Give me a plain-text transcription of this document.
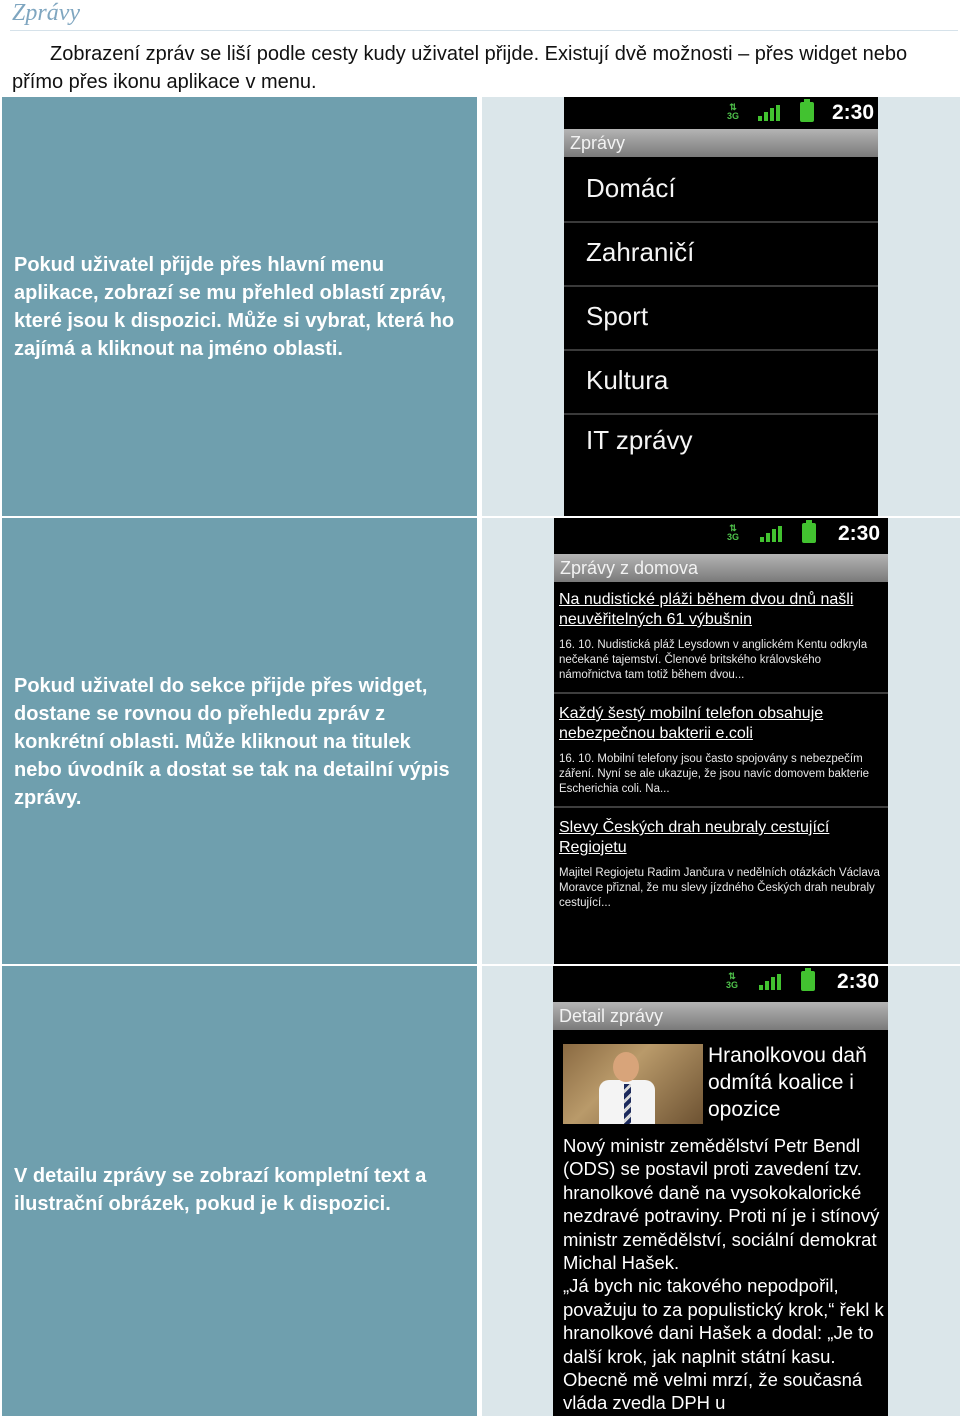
Zprávy
Zobrazení zpráv se liší podle cesty kudy uživatel přijde. Existují dvě možnosti – přes widget nebo přímo přes ikonu aplikace v menu.
Pokud uživatel přijde přes hlavní menu aplikace, zobrazí se mu přehled oblastí zpráv, které jsou k dispozici. Může si vybrat, která ho zajímá a kliknout na jméno oblasti.
⇅
3G	2:30
Zprávy
Domácí
Zahraničí
Sport
Kultura
IT zprávy
Pokud uživatel do sekce přijde přes widget, dostane se rovnou do přehledu zpráv z konkrétní oblasti. Může kliknout na titulek nebo úvodník a dostat se tak na detailní výpis zprávy.
⇅
3G	2:30
Zprávy z domova
Na nudistické pláži během dvou dnů našli neuvěřitelných 61 výbušnin
16. 10. Nudistická pláž Leysdown v anglickém Kentu odkryla nečekané tajemství. Členové britského královského námořnictva tam totiž během dvou...
Každý šestý mobilní telefon obsahuje nebezpečnou bakterii e.coli
16. 10. Mobilní telefony jsou často spojovány s nebezpečím záření. Nyní se ale ukazuje, že jsou navíc domovem bakterie Escherichia coli. Na...
Slevy Českých drah neubraly cestující Regiojetu
Majitel Regiojetu Radim Jančura v nedělních otázkách Václava Moravce přiznal, že mu slevy jízdného Českých drah neubraly cestující...
V detailu zprávy se zobrazí kompletní text a ilustrační obrázek, pokud je k dispozici.
⇅
3G	2:30
Detail zprávy
Hranolkovou daň odmítá koalice i opozice
Nový ministr zemědělství Petr Bendl (ODS) se postavil proti zavedení tzv. hranolkové daně na vysokokalorické nezdravé potraviny. Proti ní je i stínový ministr zemědělství, sociální demokrat Michal Hašek.
„Já bych nic takového nepodpořil, považuju to za populistický krok,“ řekl k hranolkové dani Hašek a dodal: „Je to další krok, jak naplnit státní kasu. Obecně mě velmi mrzí, že současná vláda zvedla DPH u
